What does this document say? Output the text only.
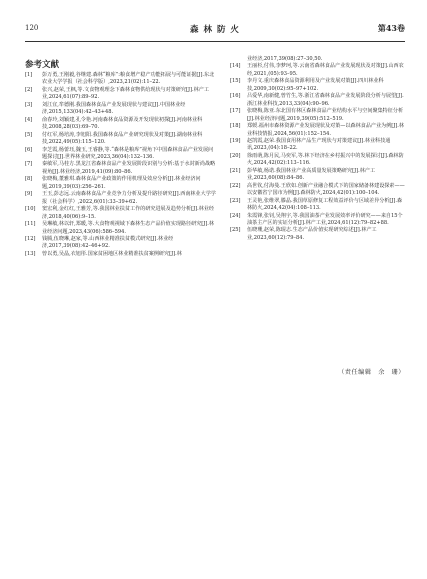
120	森 林 防 火	第43卷
参考文献
[1]	彭万勇,王刚毅,谷继建.森林“粮库”:粮食增产稳产功能拓展与可能证据[J].东北农业大学学报（社会科学版）,2023,21(02):11–22.
[2]	张兴,赵荣,王枫,等.文食物观理念下森林食物供给现状与对策研究[J].林产工业,2024,61(07):89–92.
[3]	刘江宜,牟德刚.我国森林食品产业发展现状与建议[J].中国林业经济,2015,133(04):42–43+48.
[4]	俞春玲,刘颖建,孔令艳.河南森林食品资源及开发现状初探[J].河南林业科技,2008,28(03):69–70.
[5]	付红军,杨培涛,李旭阳.我国森林食品产业研究现状及对策[J].湖南林业科技,2022,49(05):115–120.
[6]	李芝霞,杨蕾珏,魏玉,王睿静,等.“森林是粮库”视角下中国森林食品产业发展问题探讨[J].世界林业研究,2023,36(04):132–136.
[7]	秦敏军,马桂方.黑龙江省森林食品产业发展阶段识别与分析:基于水封新尚战略视角[J].林业经济,2019,41(09):80–86.
[8]	张晓梅,董雅琪.森林食品产业政策的作用机理及效应分析[J].林业经济问题,2019,39(03):256–261.
[9]	王玉,彭志远.云南森林食品产业竞争力分析及提升路径研究[J].西南林业大学学报（社会科学）,2022,6(01):33–39+62.
[10]	窦宏利,金红红,王雅芳,等.我国林业扶贫工作的研究进展及趋势分析[J].林业经济,2018,40(06):9–15.
[11]	吴琳敏,林以轩,郑暖,等.大食物观视域下森林生态产品价值实现路径研究[J].林业经济问题,2023,43(06):586–594.
[12]	钱腾,伍晓琳,赵家,等.山西林业精准扶贫模式研究[J].林业经济,2017,39(08):42–46+92.
[13]	曾以勇,吴晶,衣旭彤.国家贫困地区林业精准扶贫案例研究[J].林
业经济,2017,39(08):27–30,50.
[14]	王丽杉,付伟,李梦珂,等.云南省森林食品产业发展现状及对策[J].山西农经,2021,(05):93–95.
[15]	李丹文.重庆森林食品资源利用及产业发展对策[J].四川林业科技,2009,30(02):95–97+102.
[16]	吕爱华,南新健,曾竹生,等.浙江省森林食品产业发展阶段分析与展望[J].浙江林业科技,2013,33(04):90–96.
[17]	张晓梅,陈亚.东北国有林区森林食品产业结构水平与空间聚集特征分析[J].林业经济问题,2019,39(05):512–519.
[18]	郑媛.福州市森林资源产业发展现状及对策—以森林食品产业为例[J].林业科技情报,2024,56(01):152–154.
[19]	赵凯霞,赵荣.我国食用林产品生产现状与对策建议[J].林业科技通讯,2023,(04):18–22.
[20]	徐雨萌,陈月民,马奕军,等.林下经济在乡村振兴中的发展探讨[J].森林防火,2024,42(02):113–116.
[21]	彭华敏,杨诺.我国林业产业高质量发展策略研究[J].林产工业,2023,60(08):84–86.
[22]	高世钦,付海曼.王欣如.创新产业融合模式下的国家储备林建设探索——以安徽省宁国市为例[J].森林防火,2024,42(01):100–104.
[23]	王灵艳,张维翠,滕晶.我国草原修复工程效益评价与区域差异分析[J].森林防火,2024,42(04):108–113.
[24]	朱霞锋,张钊,吴翔宇,等.我国油茶产业发展效率评价研究——来自15个油茶主产区的实证分析[J].林产工业,2024,61(12):79–82+88.
[25]	伍晓珊,赵荣,陈琨志.生态产品价值实现研究综述[J].林产工业,2023,60(12):79–84.
（责任编辑　余　珊）
